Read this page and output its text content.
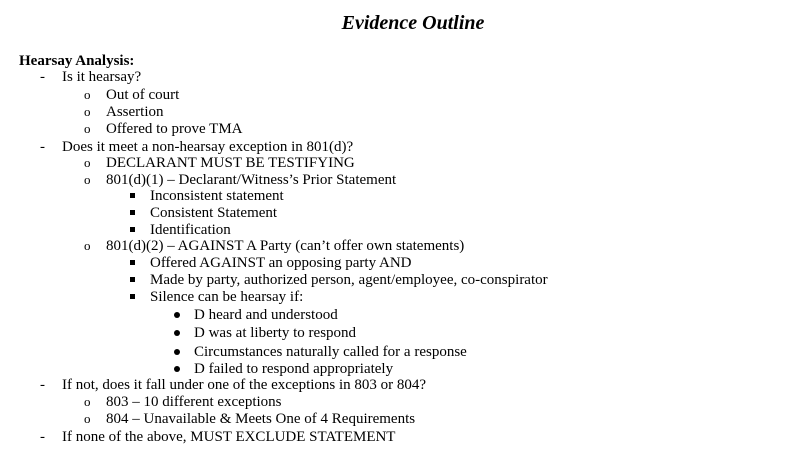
Evidence Outline
Hearsay Analysis:
- Is it hearsay?
o Out of court
o Assertion
o Offered to prove TMA
- Does it meet a non-hearsay exception in 801(d)?
o DECLARANT MUST BE TESTIFYING
o 801(d)(1) – Declarant/Witness’s Prior Statement
Inconsistent statement
Consistent Statement
Identification
o 801(d)(2) – AGAINST A Party (can’t offer own statements)
Offered AGAINST an opposing party AND
Made by party, authorized person, agent/employee, co-conspirator
Silence can be hearsay if:
D heard and understood
D was at liberty to respond
Circumstances naturally called for a response
D failed to respond appropriately
- If not, does it fall under one of the exceptions in 803 or 804?
o 803 – 10 different exceptions
o 804 – Unavailable & Meets One of 4 Requirements
- If none of the above, MUST EXCLUDE STATEMENT
